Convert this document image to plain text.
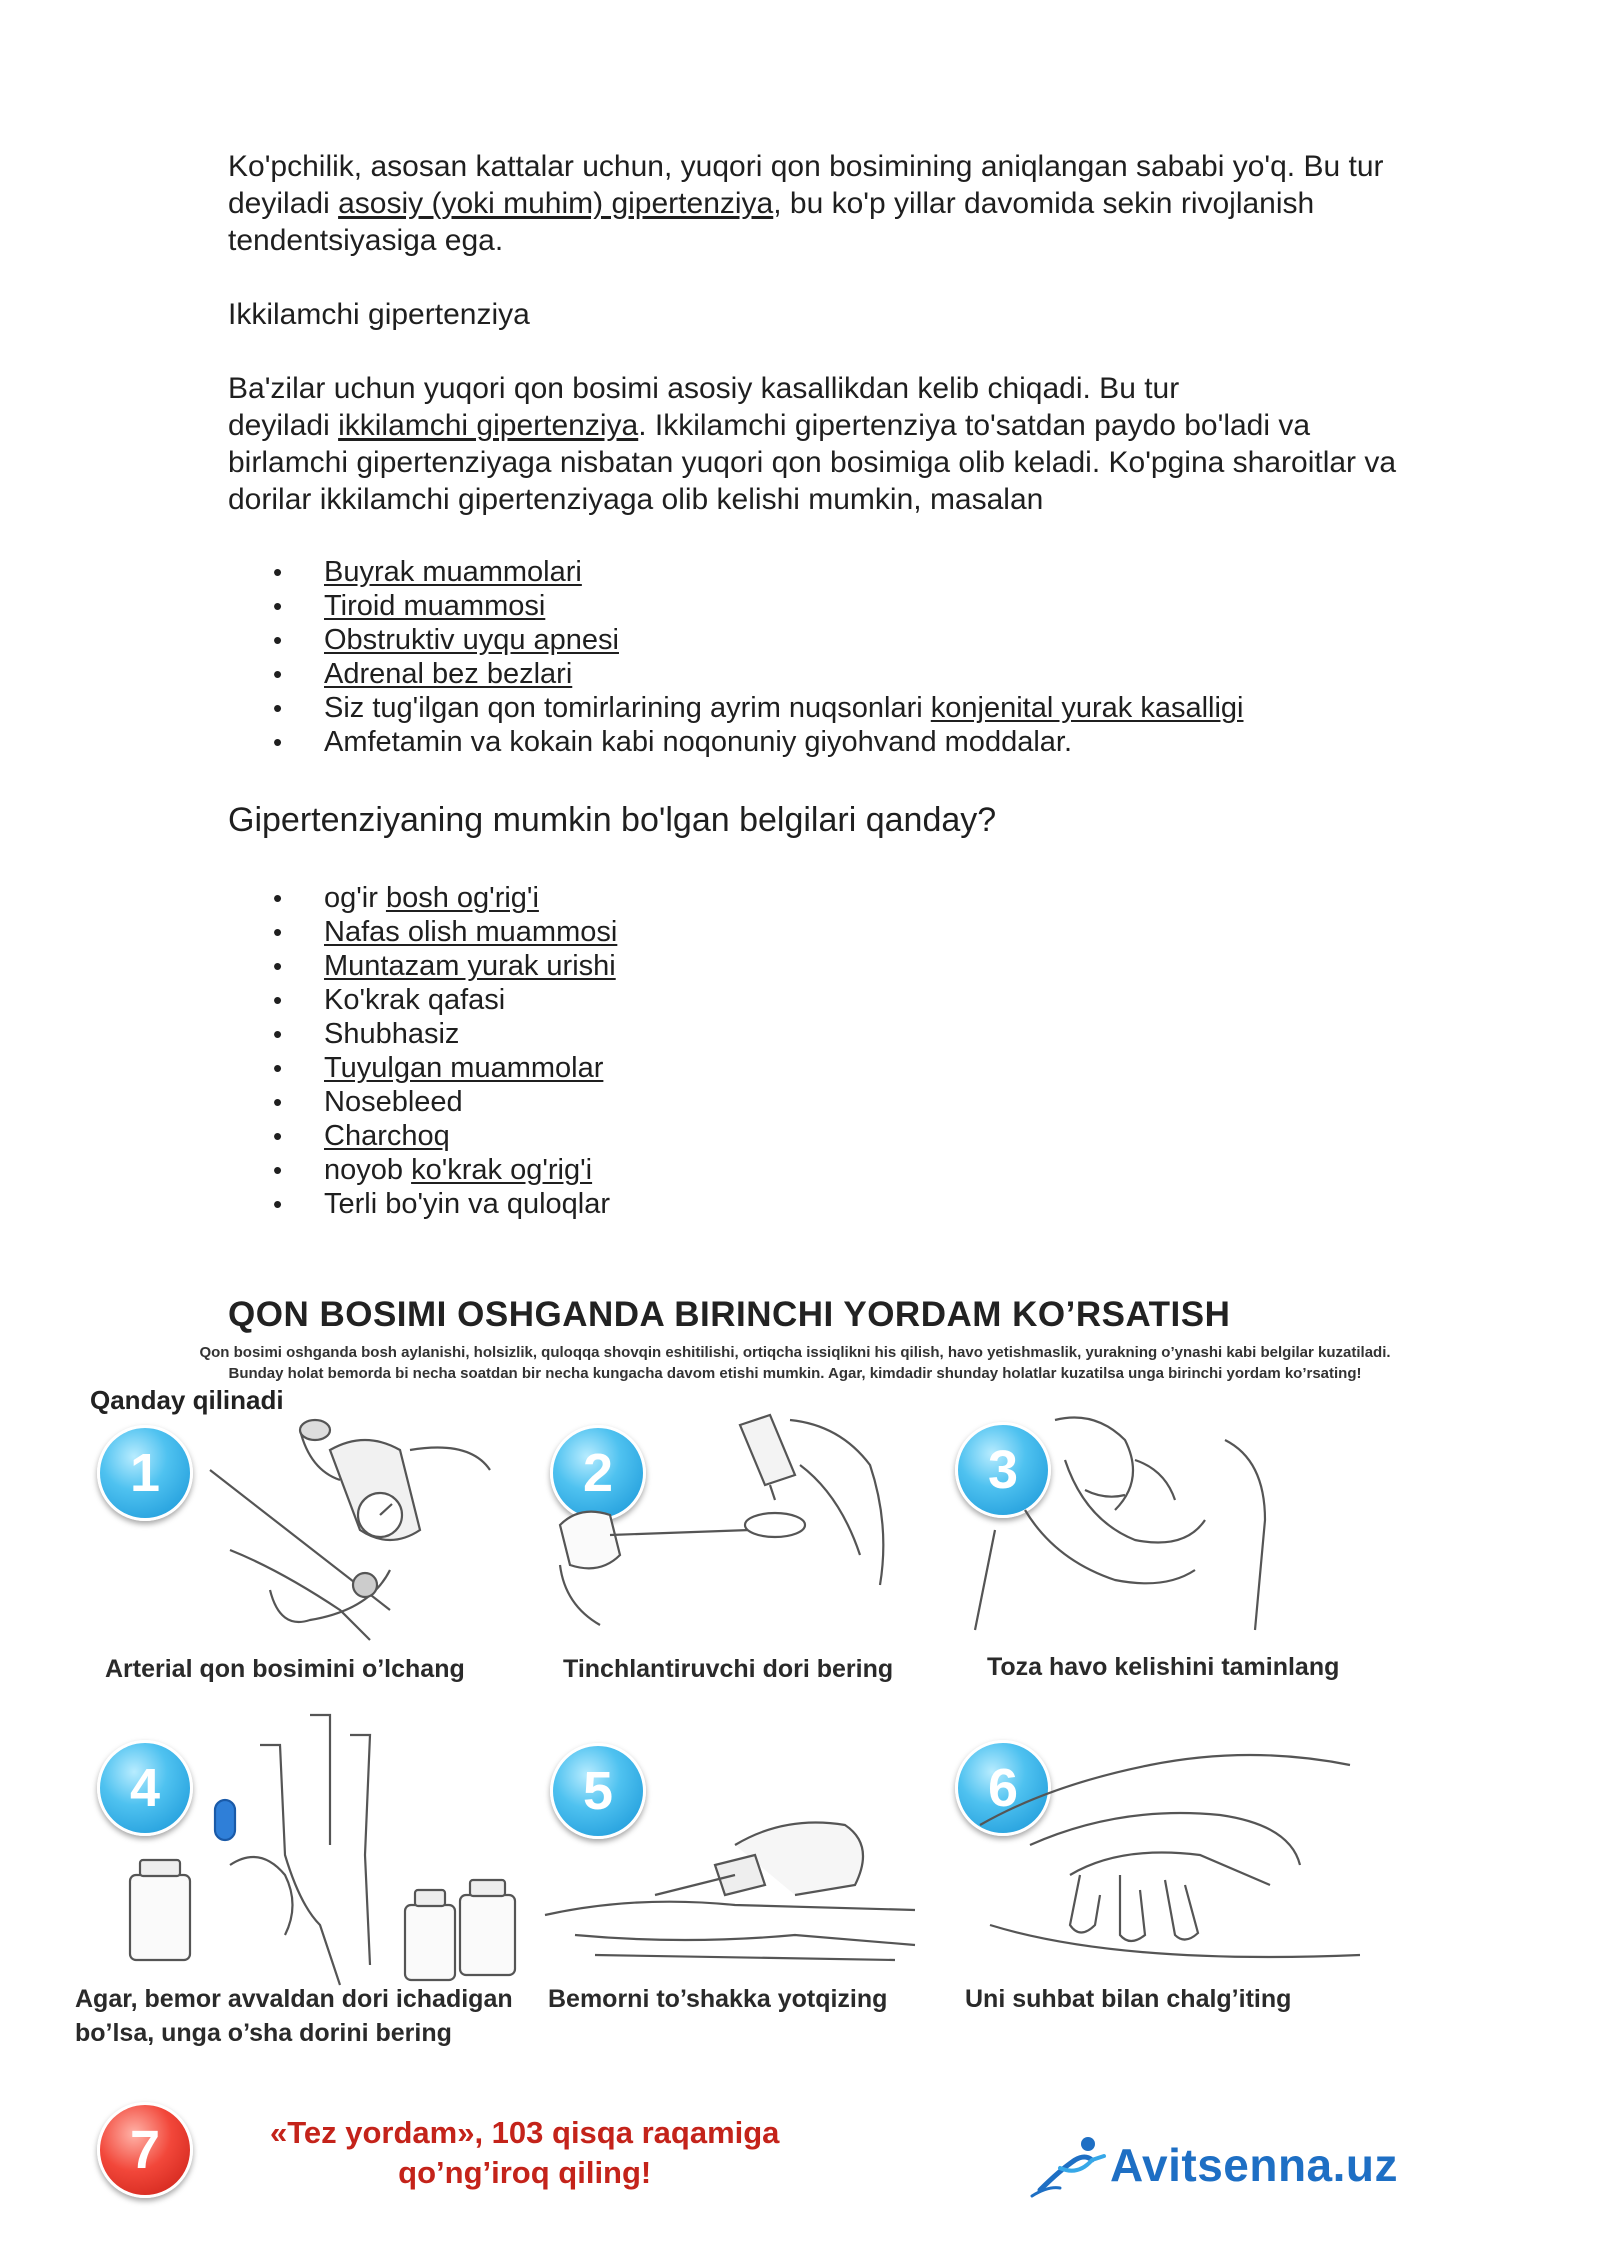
Ko'pchilik, asosan kattalar uchun, yuqori qon bosimining aniqlangan sababi yo'q. Bu tur
deyiladi asosiy (yoki muhim) gipertenziya, bu ko'p yillar davomida sekin rivojlanish
tendentsiyasiga ega.

Ikkilamchi gipertenziya

Ba'zilar uchun yuqori qon bosimi asosiy kasallikdan kelib chiqadi. Bu tur
deyiladi ikkilamchi gipertenziya. Ikkilamchi gipertenziya to'satdan paydo bo'ladi va
birlamchi gipertenziyaga nisbatan yuqori qon bosimiga olib keladi. Ko'pgina sharoitlar va
dorilar ikkilamchi gipertenziyaga olib kelishi mumkin, masalan

• Buyrak muammolari
• Tiroid muammosi
• Obstruktiv uyqu apnesi
• Adrenal bez bezlari
• Siz tug'ilgan qon tomirlarining ayrim nuqsonlari konjenital yurak kasalligi
• Amfetamin va kokain kabi noqonuniy giyohvand moddalar.
Gipertenziyaning mumkin bo'lgan belgilari qanday?
• og'ir bosh og'rig'i
• Nafas olish muammosi
• Muntazam yurak urishi
• Ko'krak qafasi
• Shubhasiz
• Tuyulgan muammolar
• Nosebleed
• Charchoq
• noyob ko'krak og'rig'i
• Terli bo'yin va quloqlar
QON BOSIMI OSHGANDA BIRINCHI YORDAM KO’RSATISH
Qon bosimi oshganda bosh aylanishi, holsizlik, quloqqa shovqin eshitilishi, ortiqcha issiqlikni his qilish, havo yetishmaslik, yurakning o’ynashi kabi belgilar kuzatiladi.
Bunday holat bemorda bi necha soatdan bir necha kungacha davom etishi mumkin. Agar, kimdadir shunday holatlar kuzatilsa unga birinchi yordam ko’rsating!
Qanday qilinadi
1
Arterial qon bosimini o’lchang
2
Tinchlantiruvchi dori bering
3
Toza havo kelishini taminlang
4
Agar, bemor avvaldan dori ichadigan
bo’lsa, unga o’sha dorini bering
5
Bemorni to’shakka yotqizing
6
Uni suhbat bilan chalg’iting
7	«Tez yordam», 103 qisqa raqamiga
qo’ng’iroq qiling!	Avitsenna.uz
